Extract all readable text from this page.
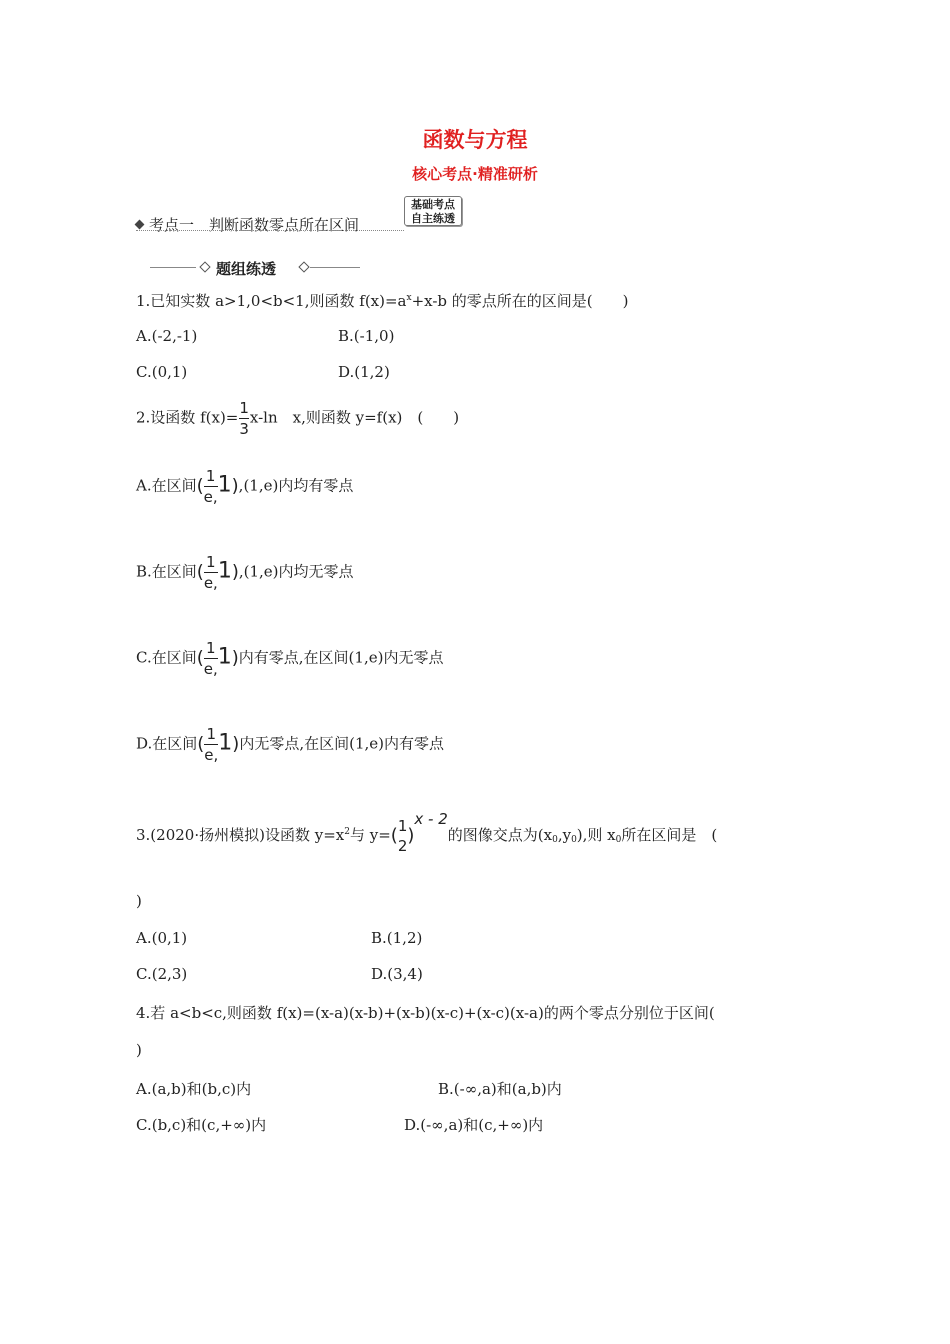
函数与方程
核心考点·精准研析
考点一　判断函数零点所在区间
基础考点
自主练透
题组练透
1.已知实数 a>1,0<b<1,则函数 $f(x)=a^x+x-b$ 的零点所在的区间是(　　)
A.(-2,-1)	B.(-1,0)
C.(0,1)	D.(1,2)
2.设函数 $f(x)= \frac{1}{3} x-\ln$　x,则函数 y=f(x)　(　　)
A.在区间( $\frac{1}{e,} 1),(1,e)$内均有零点
B.在区间( $\frac{1}{e,} 1),(1,e)$内均无零点
C.在区间( $\frac{1}{e,} 1$)内有零点,在区间(1,e)内无零点
D.在区间( $\frac{1}{e,} 1$)内无零点,在区间(1,e)内有零点
3.(2020·扬州模拟)设函数 $y=x^2$与 y=( 1
2 )$^{x - 2}$的图像交点为$(x_0,y_0)$,则 $x_0$所在区间是　(
)
A.(0,1)	B.(1,2)
C.(2,3)	D.(3,4)
4.若 a<b<c,则函数 f(x)=(x-a)(x-b)+(x-b)(x-c)+(x-c)(x-a)的两个零点分别位于区间(
)
A.(a,b)和(b,c)内	B.(-∞,a)和(a,b)内
C.(b,c)和(c,+∞)内	D.(-∞,a)和(c,+∞)内
